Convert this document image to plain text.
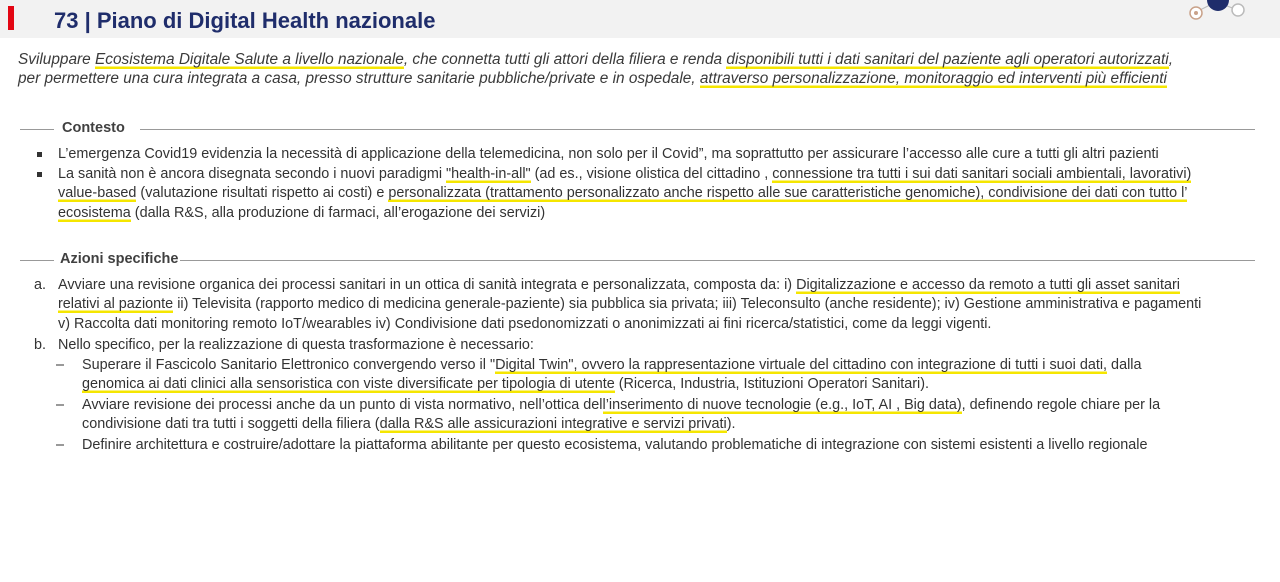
73 | Piano di Digital Health nazionale
Sviluppare Ecosistema Digitale Salute a livello nazionale, che connetta tutti gli attori della filiera e renda disponibili tutti i dati sanitari del paziente agli operatori autorizzati,
per permettere una cura integrata a casa, presso strutture sanitarie pubbliche/private e in ospedale, attraverso personalizzazione, monitoraggio ed interventi più efficienti
Contesto
L’emergenza Covid19 evidenzia la necessità di applicazione della telemedicina, non solo per il Covid”, ma soprattutto per assicurare l’accesso alle cure a tutti gli altri pazienti
La sanità non è ancora disegnata secondo i nuovi paradigmi "health-in-all" (ad es., visione olistica del cittadino , connessione tra tutti i sui dati sanitari sociali ambientali, lavorativi)
value-based (valutazione risultati rispetto ai costi) e personalizzata (trattamento personalizzato anche rispetto alle sue caratteristiche genomiche), condivisione dei dati con tutto l’
ecosistema (dalla R&S, alla produzione di farmaci, all’erogazione dei servizi)
Azioni specifiche
a. Avviare una revisione organica dei processi sanitari in un ottica di sanità integrata e personalizzata, composta da: i) Digitalizzazione e accesso da remoto a tutti gli asset sanitari
relativi al pazionte ii) Televisita (rapporto medico di medicina generale-paziente) sia pubblica sia privata; iii) Teleconsulto (anche residente); iv) Gestione amministrativa e pagamenti
v) Raccolta dati monitoring remoto IoT/wearables iv) Condivisione dati psedonomizzati o anonimizzati ai fini ricerca/statistici, come da leggi vigenti.
b. Nello specifico, per la realizzazione di questa trasformazione è necessario:
– Superare il Fascicolo Sanitario Elettronico convergendo verso il "Digital Twin", ovvero la rappresentazione virtuale del cittadino con integrazione di tutti i suoi dati, dalla
genomica ai dati clinici alla sensoristica con viste diversificate per tipologia di utente (Ricerca, Industria, Istituzioni Operatori Sanitari).
– Avviare revisione dei processi anche da un punto di vista normativo, nell’ottica dell’inserimento di nuove tecnologie (e.g., IoT, AI , Big data), definendo regole chiare per la
condivisione dati tra tutti i soggetti della filiera (dalla R&S alle assicurazioni integrative e servizi privati).
– Definire architettura e costruire/adottare la piattaforma abilitante per questo ecosistema, valutando problematiche di integrazione con sistemi esistenti a livello regionale
